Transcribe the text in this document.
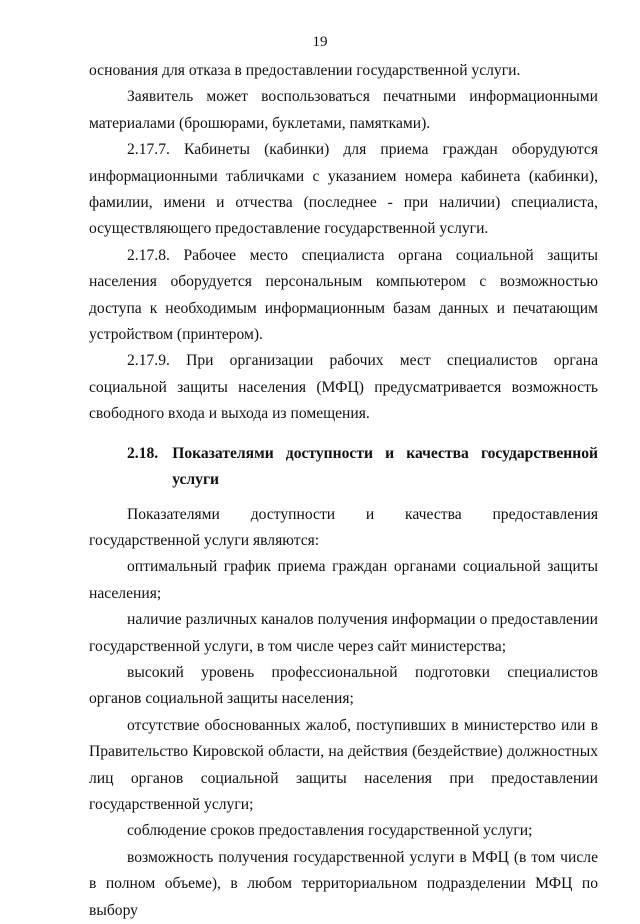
19

основания для отказа в предоставлении государственной услуги.

Заявитель может воспользоваться печатными информационными материалами (брошюрами, буклетами, памятками).

2.17.7. Кабинеты (кабинки) для приема граждан оборудуются информационными табличками с указанием номера кабинета (кабинки), фамилии, имени и отчества (последнее - при наличии) специалиста, осуществляющего предоставление государственной услуги.

2.17.8. Рабочее место специалиста органа социальной защиты населения оборудуется персональным компьютером с возможностью доступа к необходимым информационным базам данных и печатающим устройством (принтером).

2.17.9. При организации рабочих мест специалистов органа социальной защиты населения (МФЦ) предусматривается возможность свободного входа и выхода из помещения.

2.18. Показателями доступности и качества государственной услуги

Показателями доступности и качества предоставления государственной услуги являются:

оптимальный график приема граждан органами социальной защиты населения;

наличие различных каналов получения информации о предоставлении государственной услуги, в том числе через сайт министерства;

высокий уровень профессиональной подготовки специалистов органов социальной защиты населения;

отсутствие обоснованных жалоб, поступивших в министерство или в Правительство Кировской области, на действия (бездействие) должностных лиц органов социальной защиты населения при предоставлении государственной услуги;

соблюдение сроков предоставления государственной услуги;

возможность получения государственной услуги в МФЦ (в том числе в полном объеме), в любом территориальном подразделении МФЦ по выбору
